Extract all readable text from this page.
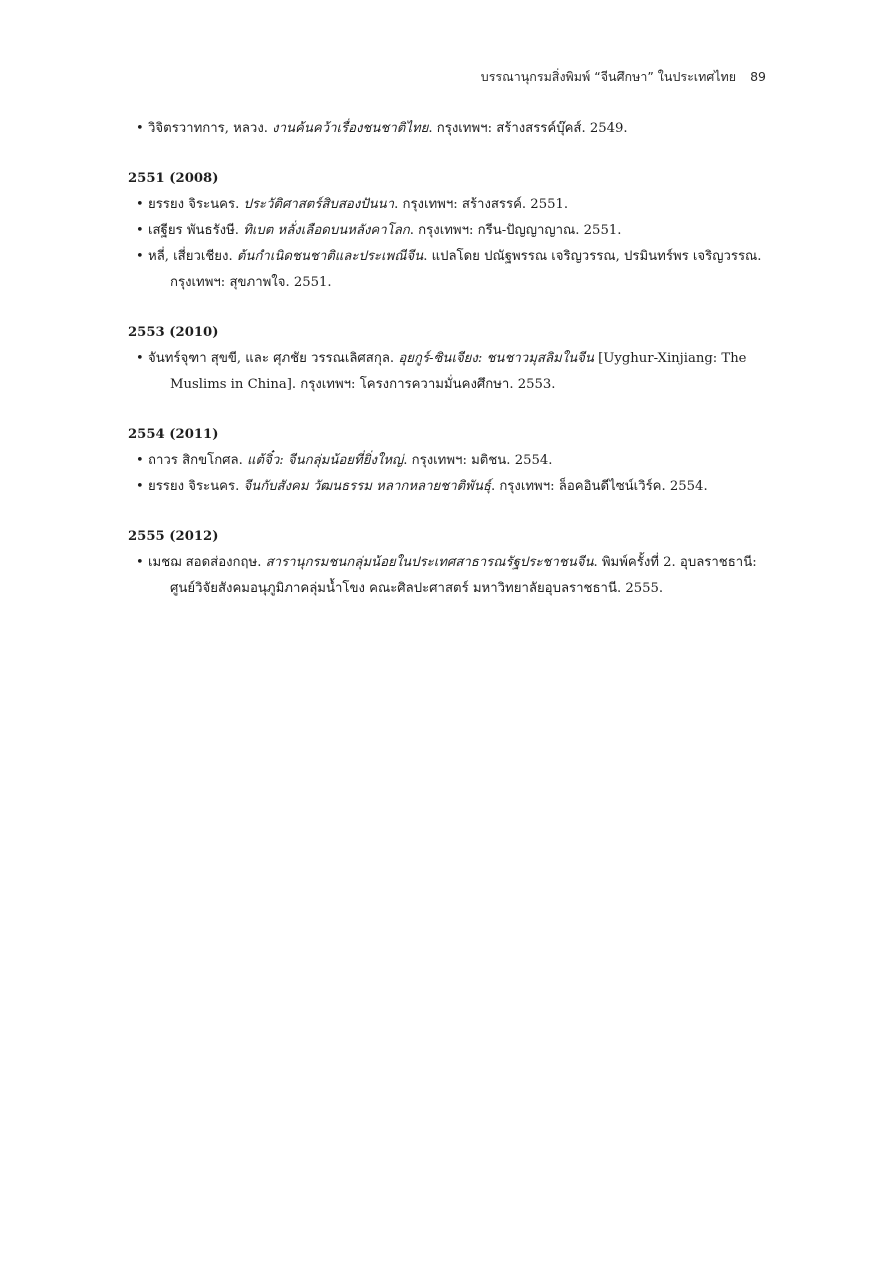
บรรณานุกรมสิ่งพิมพ์ “จีนศึกษา” ในประเทศไทย 89
• วิจิตรวาทการ, หลวง. งานค้นคว้าเรื่องชนชาติไทย. กรุงเทพฯ: สร้างสรรค์บุ๊คส์. 2549.

2551 (2008)

• ยรรยง จิระนคร. ประวัติศาสตร์สิบสองปันนา. กรุงเทพฯ: สร้างสรรค์. 2551.
• เสฐียร พันธรังษี. ทิเบต หลั่งเลือดบนหลังคาโลก. กรุงเทพฯ: กรีน-ปัญญาญาณ. 2551.
• หลี่, เสี่ยวเชียง. ต้นกำเนิดชนชาติและประเพณีจีน. แปลโดย ปณัฐพรรณ เจริญวรรณ, ปรมินทร์พร เจริญวรรณ. กรุงเทพฯ: สุขภาพใจ. 2551.

2553 (2010)

• จันทร์จุฑา สุขขี, และ ศุภชัย วรรณเลิศสกุล. อุยกูร์-ซินเจียง: ชนชาวมุสลิมในจีน [Uyghur-Xinjiang: The Muslims in China]. กรุงเทพฯ: โครงการความมั่นคงศึกษา. 2553.

2554 (2011)

• ถาวร สิกขโกศล. แต้จิ๋ว: จีนกลุ่มน้อยที่ยิ่งใหญ่. กรุงเทพฯ: มติชน. 2554.
• ยรรยง จิระนคร. จีนกับสังคม วัฒนธรรม หลากหลายชาติพันธุ์. กรุงเทพฯ: ล็อคอินดีไซน์เวิร์ค. 2554.

2555 (2012)

• เมชฌ สอดส่องกฤษ. สารานุกรมชนกลุ่มน้อยในประเทศสาธารณรัฐประชาชนจีน. พิมพ์ครั้งที่ 2. อุบลราชธานี: ศูนย์วิจัยสังคมอนุภูมิภาคลุ่มน้ำโขง คณะศิลปะศาสตร์ มหาวิทยาลัยอุบลราชธานี. 2555.
